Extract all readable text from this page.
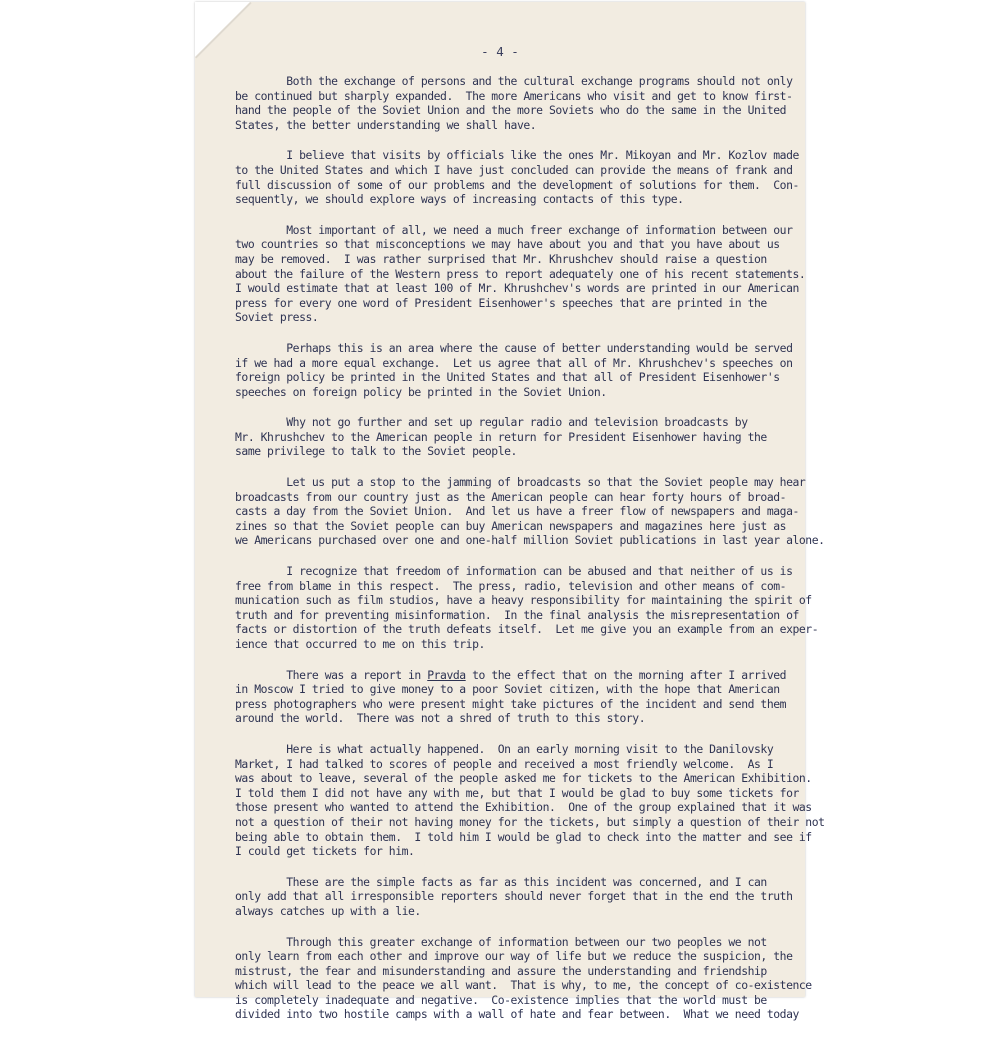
- 4 -
Both the exchange of persons and the cultural exchange programs should not only
be continued but sharply expanded.  The more Americans who visit and get to know first-
hand the people of the Soviet Union and the more Soviets who do the same in the United
States, the better understanding we shall have.
I believe that visits by officials like the ones Mr. Mikoyan and Mr. Kozlov made
to the United States and which I have just concluded can provide the means of frank and
full discussion of some of our problems and the development of solutions for them.  Con-
sequently, we should explore ways of increasing contacts of this type.
Most important of all, we need a much freer exchange of information between our
two countries so that misconceptions we may have about you and that you have about us
may be removed.  I was rather surprised that Mr. Khrushchev should raise a question
about the failure of the Western press to report adequately one of his recent statements.
I would estimate that at least 100 of Mr. Khrushchev's words are printed in our American
press for every one word of President Eisenhower's speeches that are printed in the
Soviet press.
Perhaps this is an area where the cause of better understanding would be served
if we had a more equal exchange.  Let us agree that all of Mr. Khrushchev's speeches on
foreign policy be printed in the United States and that all of President Eisenhower's
speeches on foreign policy be printed in the Soviet Union.
Why not go further and set up regular radio and television broadcasts by
Mr. Khrushchev to the American people in return for President Eisenhower having the
same privilege to talk to the Soviet people.
Let us put a stop to the jamming of broadcasts so that the Soviet people may hear
broadcasts from our country just as the American people can hear forty hours of broad-
casts a day from the Soviet Union.  And let us have a freer flow of newspapers and maga-
zines so that the Soviet people can buy American newspapers and magazines here just as
we Americans purchased over one and one-half million Soviet publications in last year alone.
I recognize that freedom of information can be abused and that neither of us is
free from blame in this respect.  The press, radio, television and other means of com-
munication such as film studios, have a heavy responsibility for maintaining the spirit of
truth and for preventing misinformation.  In the final analysis the misrepresentation of
facts or distortion of the truth defeats itself.  Let me give you an example from an exper-
ience that occurred to me on this trip.
There was a report in Pravda to the effect that on the morning after I arrived
in Moscow I tried to give money to a poor Soviet citizen, with the hope that American
press photographers who were present might take pictures of the incident and send them
around the world.  There was not a shred of truth to this story.
Here is what actually happened.  On an early morning visit to the Danilovsky
Market, I had talked to scores of people and received a most friendly welcome.  As I
was about to leave, several of the people asked me for tickets to the American Exhibition.
I told them I did not have any with me, but that I would be glad to buy some tickets for
those present who wanted to attend the Exhibition.  One of the group explained that it was
not a question of their not having money for the tickets, but simply a question of their not
being able to obtain them.  I told him I would be glad to check into the matter and see if
I could get tickets for him.
These are the simple facts as far as this incident was concerned, and I can
only add that all irresponsible reporters should never forget that in the end the truth
always catches up with a lie.
Through this greater exchange of information between our two peoples we not
only learn from each other and improve our way of life but we reduce the suspicion, the
mistrust, the fear and misunderstanding and assure the understanding and friendship
which will lead to the peace we all want.  That is why, to me, the concept of co-existence
is completely inadequate and negative.  Co-existence implies that the world must be
divided into two hostile camps with a wall of hate and fear between.  What we need today
